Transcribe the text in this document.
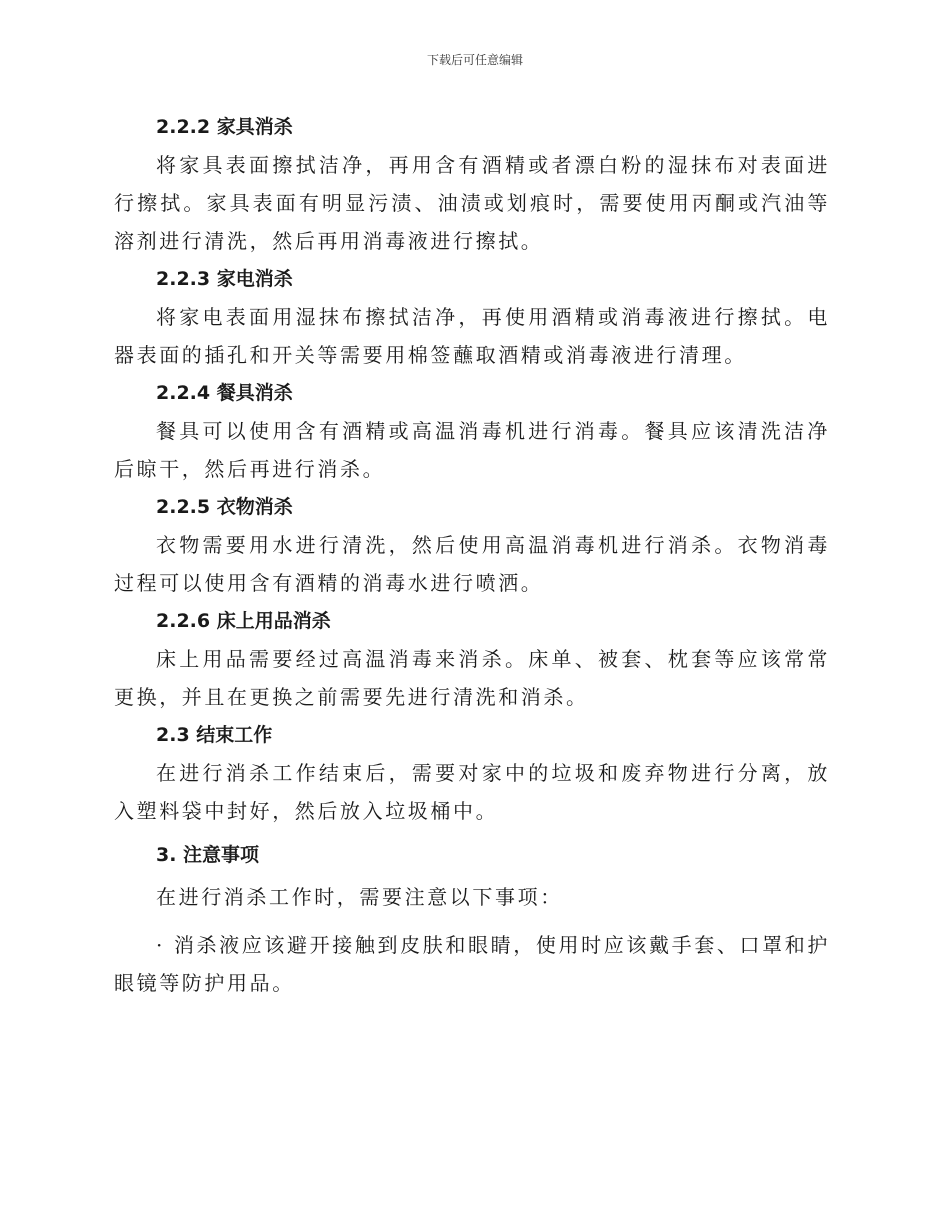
下载后可任意编辑
2.2.2 家具消杀

将家具表面擦拭洁净，再用含有酒精或者漂白粉的湿抹布对表面进行擦拭。家具表面有明显污渍、油渍或划痕时，需要使用丙酮或汽油等溶剂进行清洗，然后再用消毒液进行擦拭。

2.2.3 家电消杀

将家电表面用湿抹布擦拭洁净，再使用酒精或消毒液进行擦拭。电器表面的插孔和开关等需要用棉签蘸取酒精或消毒液进行清理。

2.2.4 餐具消杀

餐具可以使用含有酒精或高温消毒机进行消毒。餐具应该清洗洁净后晾干，然后再进行消杀。

2.2.5 衣物消杀

衣物需要用水进行清洗，然后使用高温消毒机进行消杀。衣物消毒过程可以使用含有酒精的消毒水进行喷洒。

2.2.6 床上用品消杀

床上用品需要经过高温消毒来消杀。床单、被套、枕套等应该常常更换，并且在更换之前需要先进行清洗和消杀。

2.3 结束工作

在进行消杀工作结束后，需要对家中的垃圾和废弃物进行分离，放入塑料袋中封好，然后放入垃圾桶中。

3. 注意事项

在进行消杀工作时，需要注意以下事项：

· 消杀液应该避开接触到皮肤和眼睛，使用时应该戴手套、口罩和护眼镜等防护用品。
